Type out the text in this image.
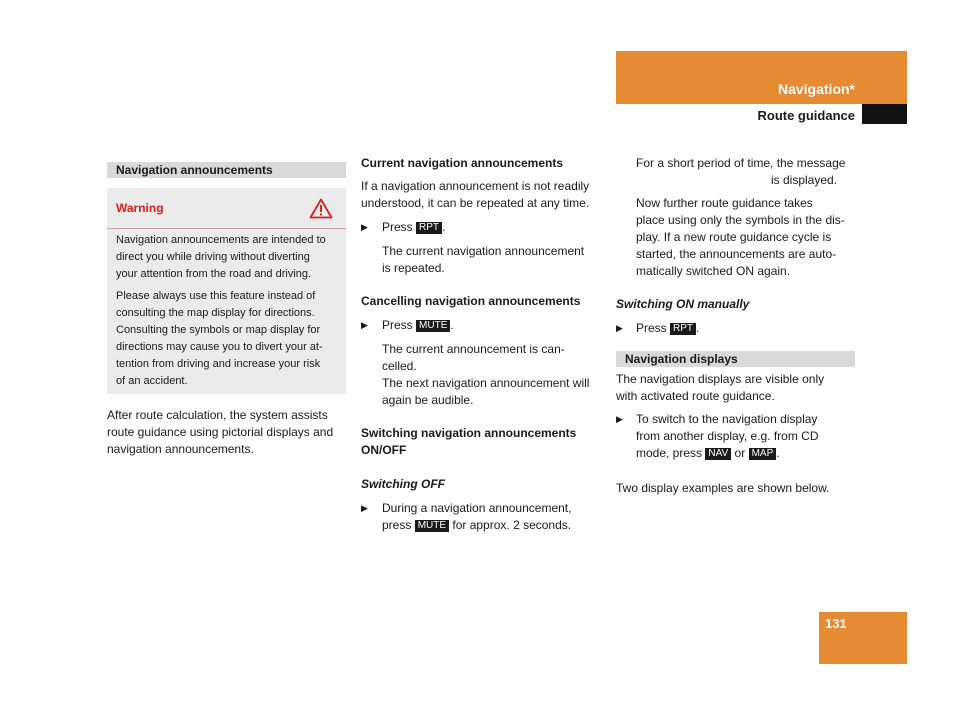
Navigation*
Route guidance
Navigation announcements
Warning
Navigation announcements are intended to
direct you while driving without diverting
your attention from the road and driving.
Please always use this feature instead of
consulting the map display for directions.
Consulting the symbols or map display for
directions may cause you to divert your at-
tention from driving and increase your risk
of an accident.
After route calculation, the system assists
route guidance using pictorial displays and
navigation announcements.
Current navigation announcements
If a navigation announcement is not readily
understood, it can be repeated at any time.
▶ Press RPT .
The current navigation announcement
is repeated.
Cancelling navigation announcements
▶ Press MUTE .
The current announcement is can-
celled.
The next navigation announcement will
again be audible.
Switching navigation announcements
ON/OFF
Switching OFF
▶ During a navigation announcement,
press MUTE for approx. 2 seconds.
For a short period of time, the message
is displayed.
Now further route guidance takes
place using only the symbols in the dis-
play. If a new route guidance cycle is
started, the announcements are auto-
matically switched ON again.
Switching ON manually
▶ Press RPT .
Navigation displays
The navigation displays are visible only
with activated route guidance.
▶ To switch to the navigation display
from another display, e.g. from CD
mode, press NAV or MAP .
Two display examples are shown below.
131
